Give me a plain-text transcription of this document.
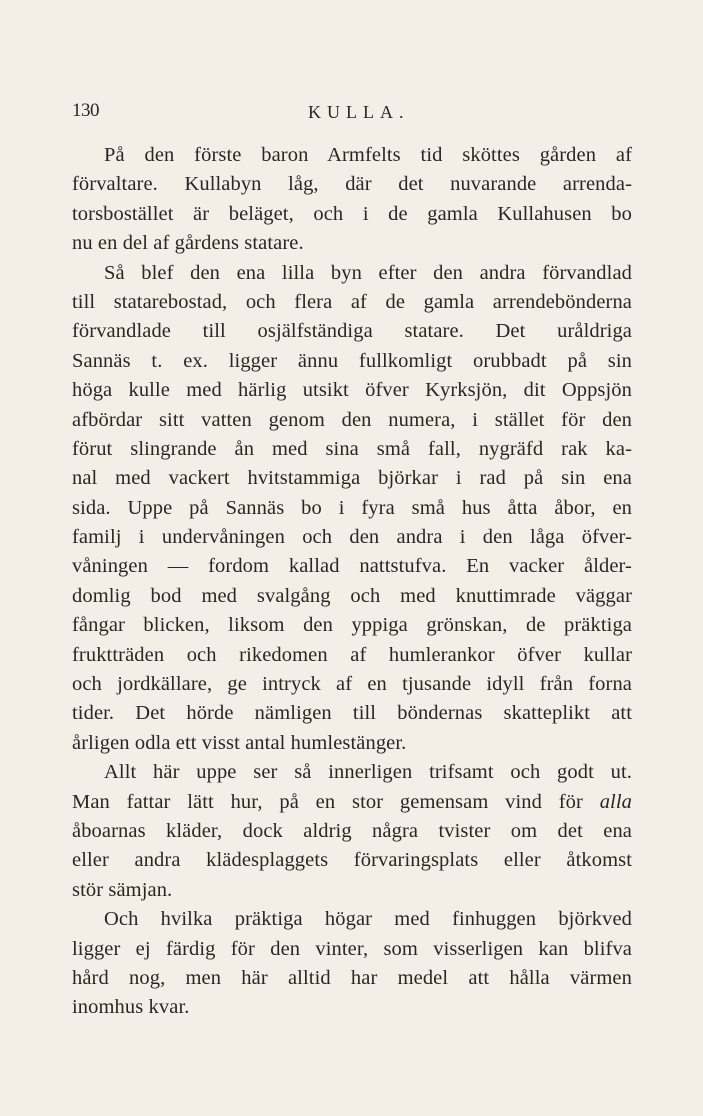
130	KULLA.
På den förste baron Armfelts tid sköttes gården af
förvaltare. Kullabyn låg, där det nuvarande arrenda-
torsbostället är beläget, och i de gamla Kullahusen bo
nu en del af gårdens statare.
Så blef den ena lilla byn efter den andra förvandlad
till statarebostad, och flera af de gamla arrendebönderna
förvandlade till osjälfständiga statare. Det uråldriga
Sannäs t. ex. ligger ännu fullkomligt orubbadt på sin
höga kulle med härlig utsikt öfver Kyrksjön, dit Oppsjön
afbördar sitt vatten genom den numera, i stället för den
förut slingrande ån med sina små fall, nygräfd rak ka-
nal med vackert hvitstammiga björkar i rad på sin ena
sida. Uppe på Sannäs bo i fyra små hus åtta åbor, en
familj i undervåningen och den andra i den låga öfver-
våningen — fordom kallad nattstufva. En vacker ålder-
domlig bod med svalgång och med knuttimrade väggar
fångar blicken, liksom den yppiga grönskan, de präktiga
fruktträden och rikedomen af humlerankor öfver kullar
och jordkällare, ge intryck af en tjusande idyll från forna
tider. Det hörde nämligen till böndernas skatteplikt att
årligen odla ett visst antal humlestänger.
Allt här uppe ser så innerligen trifsamt och godt ut.
Man fattar lätt hur, på en stor gemensam vind för alla
åboarnas kläder, dock aldrig några tvister om det ena
eller andra klädesplaggets förvaringsplats eller åtkomst
stör sämjan.
Och hvilka präktiga högar med finhuggen björkved
ligger ej färdig för den vinter, som visserligen kan blifva
hård nog, men här alltid har medel att hålla värmen
inomhus kvar.
